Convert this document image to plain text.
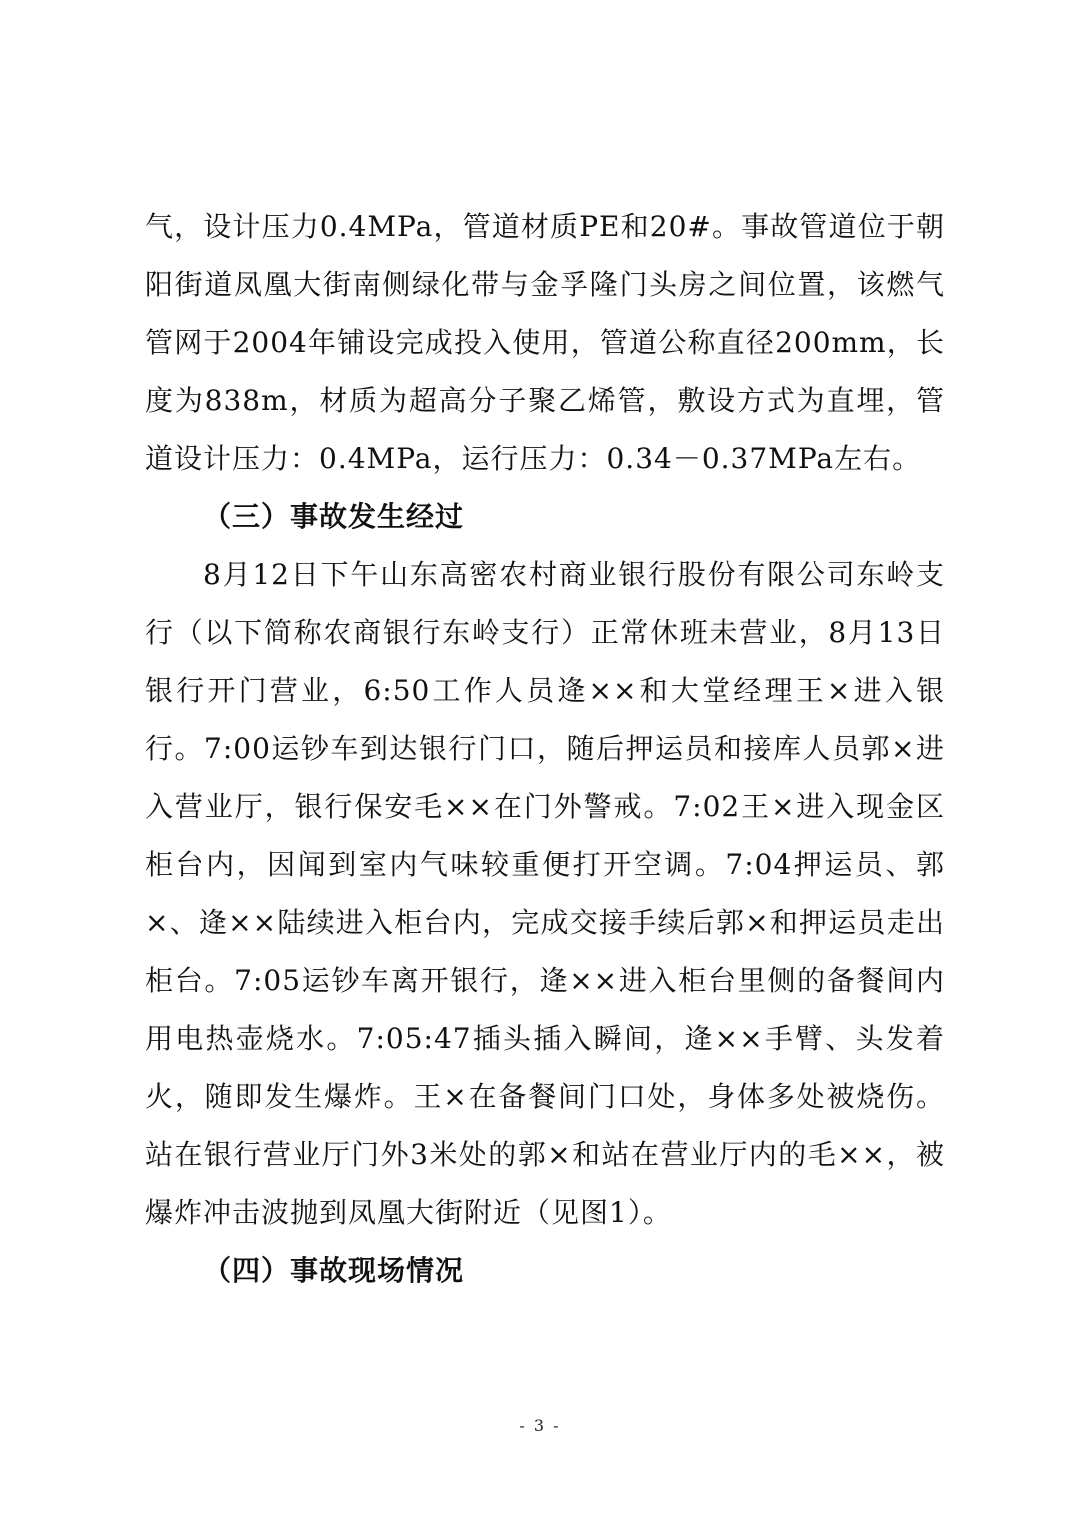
气，设计压力0.4MPa，管道材质PE和20#。事故管道位于朝阳街道凤凰大街南侧绿化带与金孚隆门头房之间位置，该燃气管网于2004年铺设完成投入使用，管道公称直径200mm，长度为838m，材质为超高分子聚乙烯管，敷设方式为直埋，管道设计压力：0.4MPa，运行压力：0.34－0.37MPa左右。

（三）事故发生经过

8月12日下午山东高密农村商业银行股份有限公司东岭支行（以下简称农商银行东岭支行）正常休班未营业，8月13日银行开门营业，6:50工作人员逄××和大堂经理王×进入银行。7:00运钞车到达银行门口，随后押运员和接库人员郭×进入营业厅，银行保安毛××在门外警戒。7:02王×进入现金区柜台内，因闻到室内气味较重便打开空调。7:04押运员、郭×、逄××陆续进入柜台内，完成交接手续后郭×和押运员走出柜台。7:05运钞车离开银行，逄××进入柜台里侧的备餐间内用电热壶烧水。7:05:47插头插入瞬间，逄××手臂、头发着火，随即发生爆炸。王×在备餐间门口处，身体多处被烧伤。站在银行营业厅门外3米处的郭×和站在营业厅内的毛××，被爆炸冲击波抛到凤凰大街附近（见图1）。

（四）事故现场情况

- 3 -
